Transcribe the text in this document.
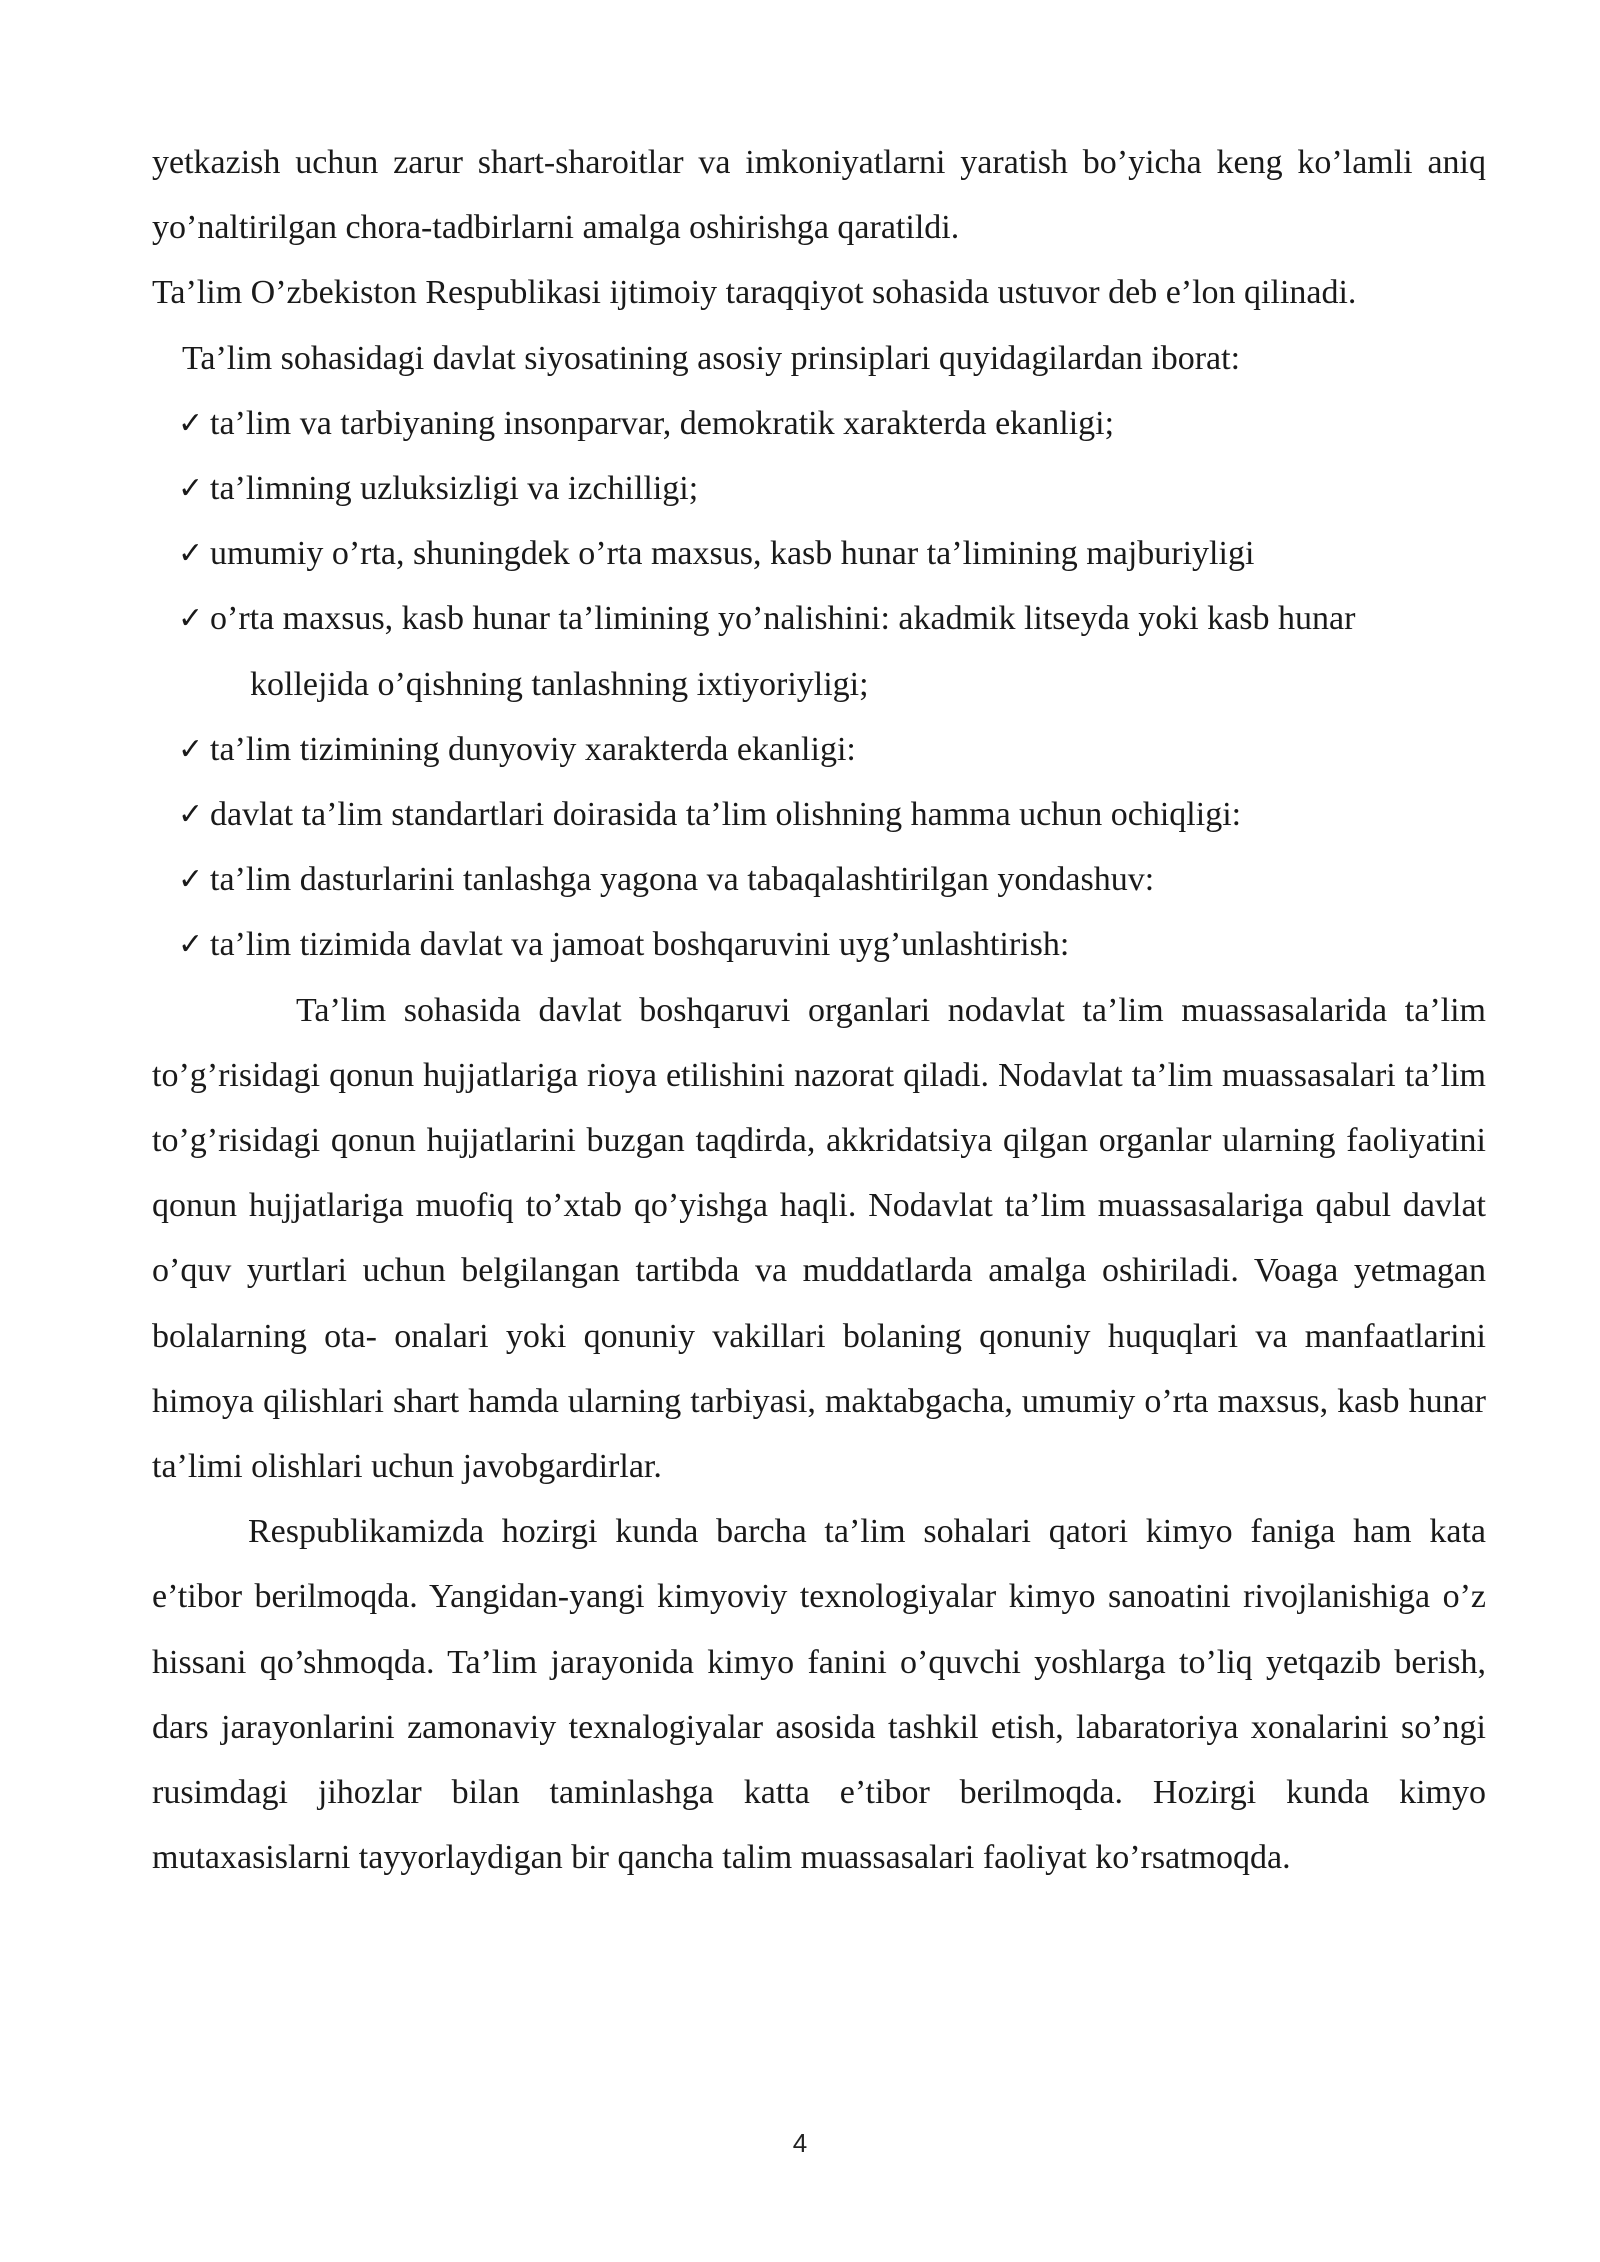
yetkazish uchun zarur shart-sharoitlar va imkoniyatlarni yaratish bo’yicha keng ko’lamli aniq yo’naltirilgan chora-tadbirlarni amalga oshirishga qaratildi.

Ta’lim O’zbekiston Respublikasi ijtimoiy taraqqiyot sohasida ustuvor deb e’lon qilinadi.

Ta’lim sohasidagi davlat siyosatining asosiy prinsiplari quyidagilardan iborat:

✓ ta’lim va tarbiyaning insonparvar, demokratik xarakterda ekanligi;
✓ ta’limning uzluksizligi va izchilligi;
✓ umumiy o’rta, shuningdek o’rta maxsus, kasb hunar ta’limining majburiyligi
✓ o’rta maxsus, kasb hunar ta’limining yo’nalishini: akadmik litseyda yoki kasb hunar
kollejida o’qishning tanlashning ixtiyoriyligi;
✓ ta’lim tizimining dunyoviy xarakterda ekanligi:
✓ davlat ta’lim standartlari doirasida ta’lim olishning hamma uchun ochiqligi:
✓ ta’lim dasturlarini tanlashga yagona va tabaqalashtirilgan yondashuv:
✓ ta’lim tizimida davlat va jamoat boshqaruvini uyg’unlashtirish:

Ta’lim sohasida davlat boshqaruvi organlari nodavlat ta’lim muassasalarida ta’lim to’g’risidagi qonun hujjatlariga rioya etilishini nazorat qiladi. Nodavlat ta’lim muassasalari ta’lim to’g’risidagi qonun hujjatlarini buzgan taqdirda, akkridatsiya qilgan organlar ularning faoliyatini qonun hujjatlariga muofiq to’xtab qo’yishga haqli. Nodavlat ta’lim muassasalariga qabul davlat o’quv yurtlari uchun belgilangan tartibda va muddatlarda amalga oshiriladi. Voaga yetmagan bolalarning ota- onalari yoki qonuniy vakillari bolaning qonuniy huquqlari va manfaatlarini himoya qilishlari shart hamda ularning tarbiyasi, maktabgacha, umumiy o’rta maxsus, kasb hunar ta’limi olishlari uchun javobgardirlar.

Respublikamizda hozirgi kunda barcha ta’lim sohalari qatori kimyo faniga ham kata e’tibor berilmoqda. Yangidan-yangi kimyoviy texnologiyalar kimyo sanoatini rivojlanishiga o’z hissani qo’shmoqda. Ta’lim jarayonida kimyo fanini o’quvchi yoshlarga to’liq yetqazib berish, dars jarayonlarini zamonaviy texnalogiyalar asosida tashkil etish, labaratoriya xonalarini so’ngi rusimdagi jihozlar bilan taminlashga katta e’tibor berilmoqda. Hozirgi kunda kimyo mutaxasislarni tayyorlaydigan bir qancha talim muassasalari faoliyat ko’rsatmoqda.

4
